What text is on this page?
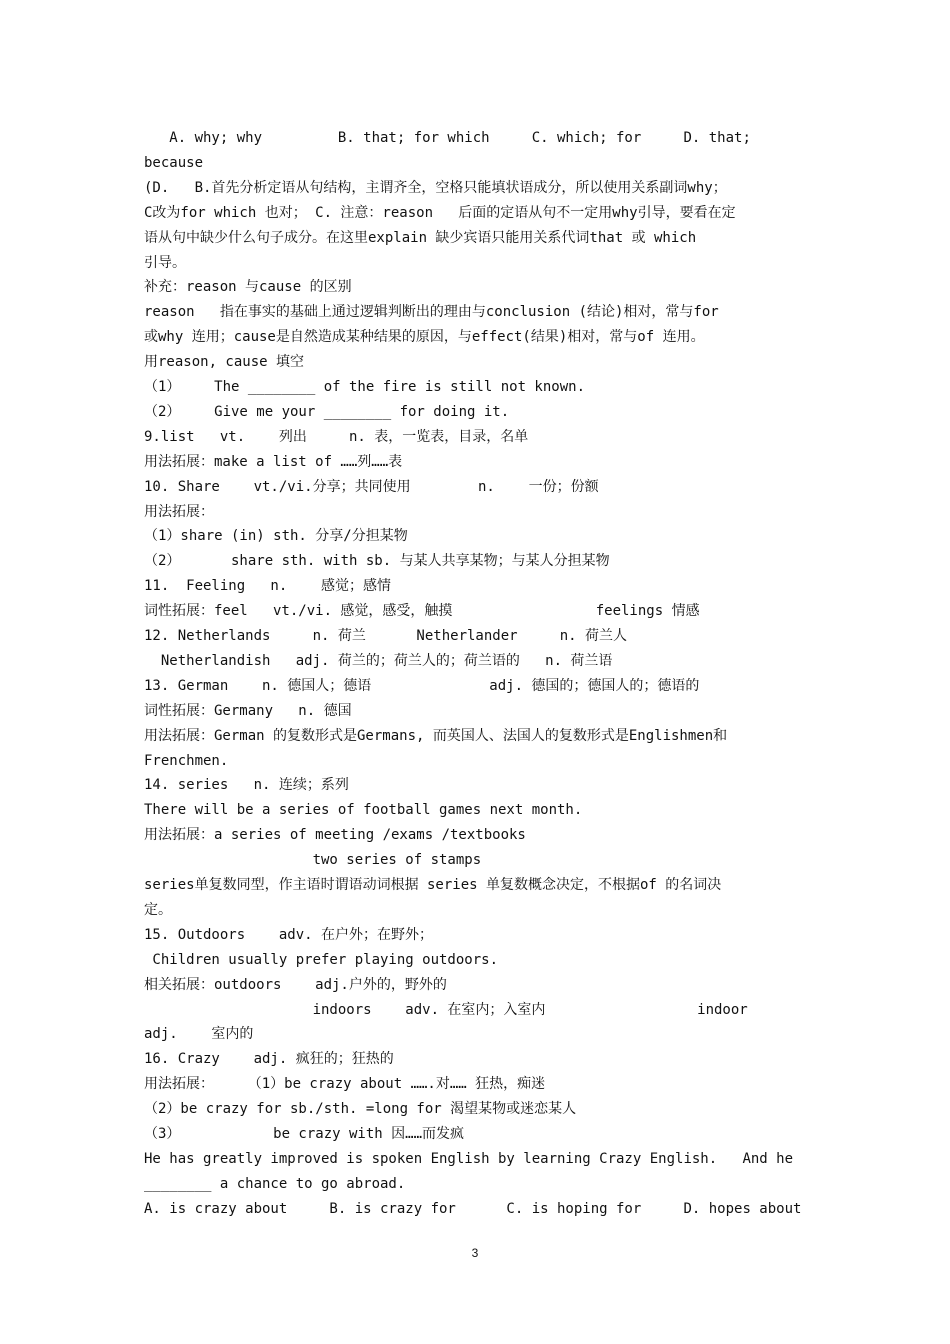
A. why; why         B. that; for which     C. which; for     D. that;
because
(D.   B.首先分析定语从句结构，主谓齐全，空格只能填状语成分，所以使用关系副词why；
C改为for which 也对； C. 注意：reason   后面的定语从句不一定用why引导，要看在定
语从句中缺少什么句子成分。在这里explain 缺少宾语只能用关系代词that 或 which
引导。
补充：reason 与cause 的区别
reason   指在事实的基础上通过逻辑判断出的理由与conclusion (结论)相对，常与for
或why 连用；cause是自然造成某种结果的原因，与effect(结果)相对，常与of 连用。
用reason, cause 填空
（1）    The ________ of the fire is still not known.
（2）    Give me your ________ for doing it.
9.list   vt.    列出     n. 表，一览表，目录，名单
用法拓展：make a list of ……列……表
10. Share    vt./vi.分享；共同使用        n.    一份；份额
用法拓展：
（1）share (in) sth. 分享/分担某物
（2）      share sth. with sb. 与某人共享某物；与某人分担某物
11.  Feeling   n.    感觉；感情
词性拓展：feel   vt./vi. 感觉，感受，触摸                 feelings 情感
12. Netherlands     n. 荷兰      Netherlander     n. 荷兰人
Netherlandish   adj. 荷兰的；荷兰人的；荷兰语的   n. 荷兰语
13. German    n. 德国人；德语              adj. 德国的；德国人的；德语的
词性拓展：Germany   n. 德国
用法拓展：German 的复数形式是Germans, 而英国人、法国人的复数形式是Englishmen和
Frenchmen.
14. series   n. 连续；系列
There will be a series of football games next month.
用法拓展：a series of meeting /exams /textbooks
two series of stamps
series单复数同型，作主语时谓语动词根据 series 单复数概念决定，不根据of 的名词决
定。
15. Outdoors    adv. 在户外；在野外；
Children usually prefer playing outdoors.
相关拓展：outdoors    adj.户外的，野外的
indoors    adv. 在室内；入室内                  indoor
adj.    室内的
16. Crazy    adj. 疯狂的；狂热的
用法拓展：    （1）be crazy about …….对…… 狂热，痴迷
（2）be crazy for sb./sth. =long for 渴望某物或迷恋某人
（3）           be crazy with 因……而发疯
He has greatly improved is spoken English by learning Crazy English.   And he
________ a chance to go abroad.
A. is crazy about     B. is crazy for      C. is hoping for     D. hopes about
3
